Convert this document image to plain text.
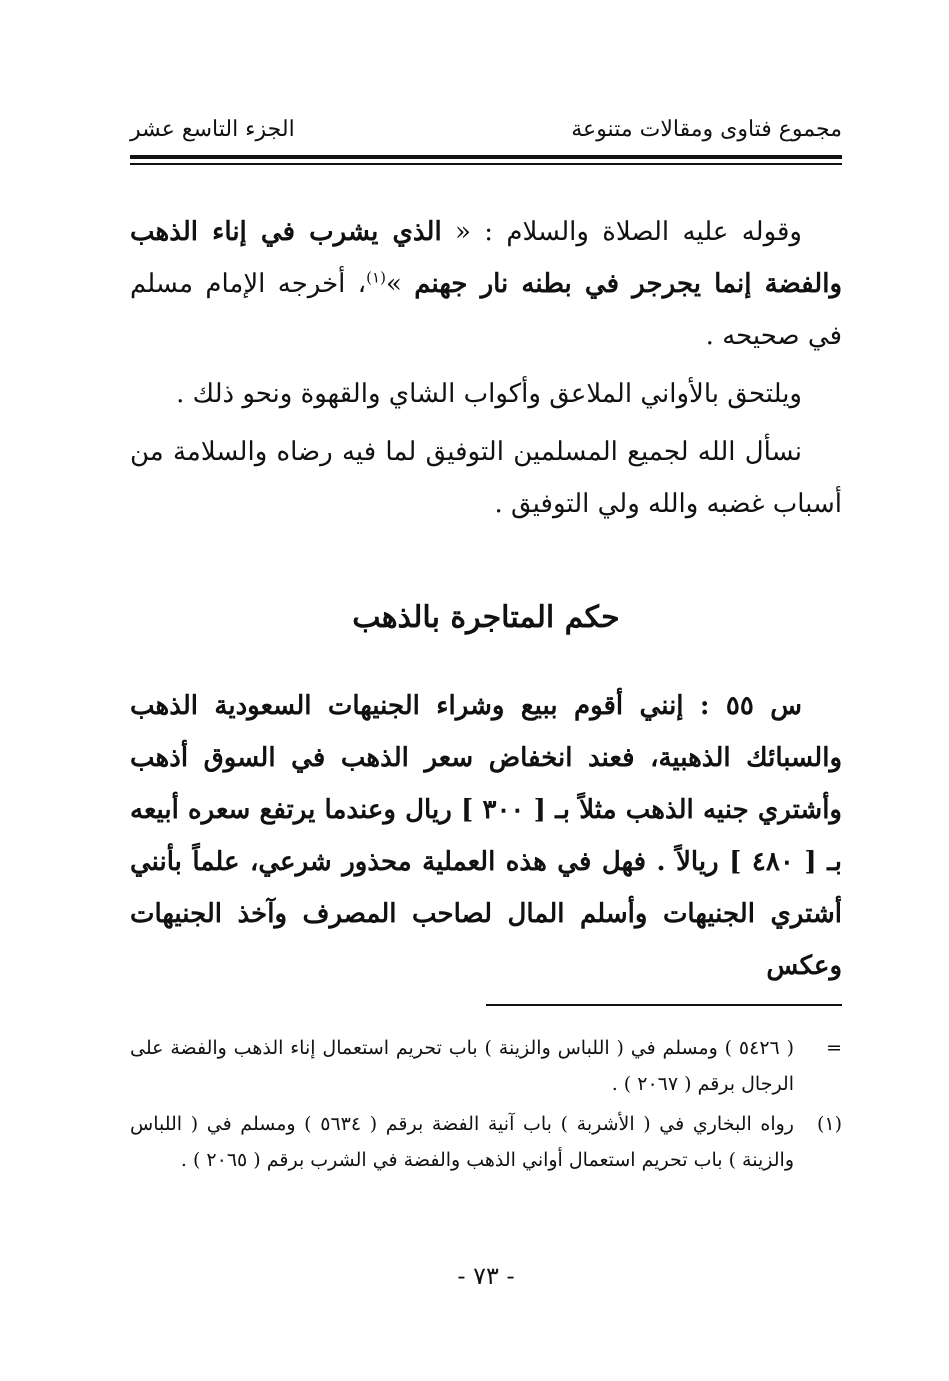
مجموع فتاوى ومقالات متنوعة
الجزء التاسع عشر

وقوله عليه الصلاة والسلام : « الذي يشرب في إناء الذهب والفضة إنما يجرجر في بطنه نار جهنم »$^{(١)}$، أخرجه الإمام مسلم في صحيحه .

ويلتحق بالأواني الملاعق وأكواب الشاي والقهوة ونحو ذلك .

نسأل الله لجميع المسلمين التوفيق لما فيه رضاه والسلامة من أسباب غضبه والله ولي التوفيق .

حكم المتاجرة بالذهب

س ٥٥ : إنني أقوم ببيع وشراء الجنيهات السعودية الذهب والسبائك الذهبية، فعند انخفاض سعر الذهب في السوق أذهب وأشتري جنيه الذهب مثلاً بـ [ ٣٠٠ ] ريال وعندما يرتفع سعره أبيعه بـ [ ٤٨٠ ] ريالاً . فهل في هذه العملية محذور شرعي، علماً بأنني أشتري الجنيهات وأسلم المال لصاحب المصرف وآخذ الجنيهات وعكس

=
( ٥٤٢٦ ) ومسلم في ( اللباس والزينة ) باب تحريم استعمال إناء الذهب والفضة على الرجال برقم ( ٢٠٦٧ ) .

(١)
رواه البخاري في ( الأشربة ) باب آنية الفضة برقم ( ٥٦٣٤ ) ومسلم في ( اللباس والزينة ) باب تحريم استعمال أواني الذهب والفضة في الشرب برقم ( ٢٠٦٥ ) .

- ٧٣ -
